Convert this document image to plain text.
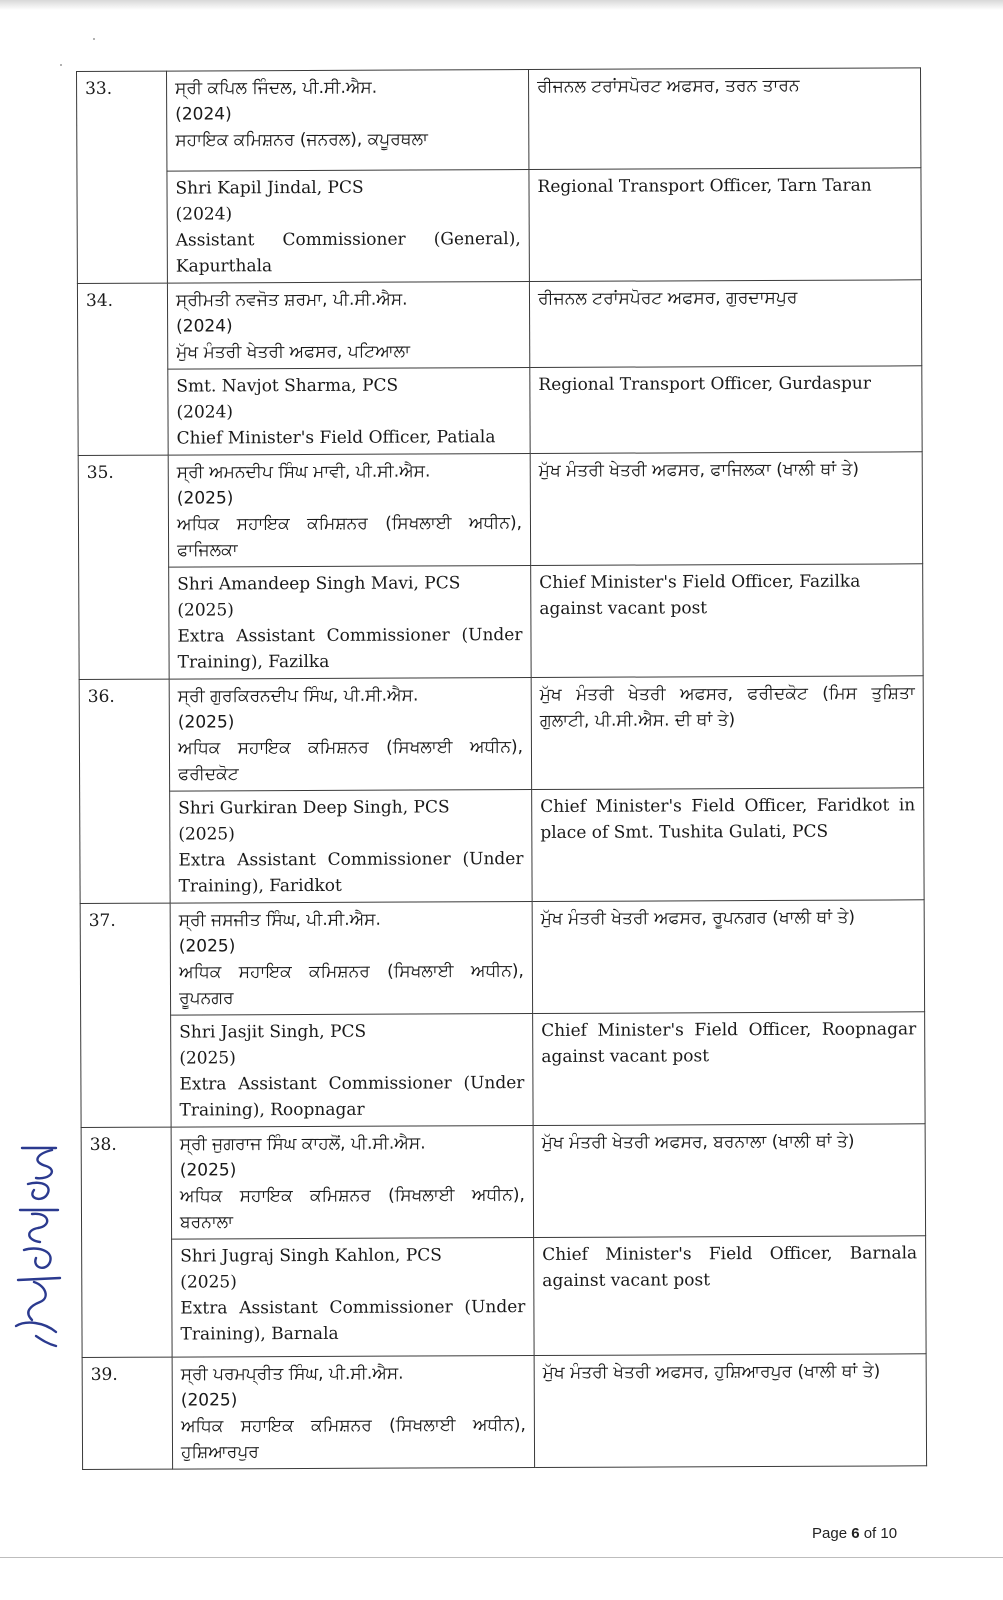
33.	ਸ੍ਰੀ ਕਪਿਲ ਜਿੰਦਲ, ਪੀ.ਸੀ.ਐਸ.
(2024)
ਸਹਾਇਕ ਕਮਿਸ਼ਨਰ (ਜਨਰਲ), ਕਪੂਰਥਲਾ	ਰੀਜਨਲ ਟਰਾਂਸਪੋਰਟ ਅਫਸਰ, ਤਰਨ ਤਾਰਨ

	Shri Kapil Jindal, PCS
(2024)
Assistant Commissioner (General), Kapurthala	Regional Transport Officer, Tarn Taran
34.	ਸ੍ਰੀਮਤੀ ਨਵਜੋਤ ਸ਼ਰਮਾ, ਪੀ.ਸੀ.ਐਸ.
(2024)
ਮੁੱਖ ਮੰਤਰੀ ਖੇਤਰੀ ਅਫਸਰ, ਪਟਿਆਲਾ	ਰੀਜਨਲ ਟਰਾਂਸਪੋਰਟ ਅਫਸਰ, ਗੁਰਦਾਸਪੁਰ

	Smt. Navjot Sharma, PCS
(2024)
Chief Minister's Field Officer, Patiala	Regional Transport Officer, Gurdaspur
35.	ਸ੍ਰੀ ਅਮਨਦੀਪ ਸਿੰਘ ਮਾਵੀ, ਪੀ.ਸੀ.ਐਸ.
(2025)
ਅਧਿਕ ਸਹਾਇਕ ਕਮਿਸ਼ਨਰ (ਸਿਖਲਾਈ ਅਧੀਨ), ਫਾਜਿਲਕਾ	ਮੁੱਖ ਮੰਤਰੀ ਖੇਤਰੀ ਅਫਸਰ, ਫਾਜਿਲਕਾ (ਖਾਲੀ ਥਾਂ ਤੇ)

	Shri Amandeep Singh Mavi, PCS
(2025)
Extra Assistant Commissioner (Under Training), Fazilka	Chief Minister's Field Officer, Fazilka against vacant post
36.	ਸ੍ਰੀ ਗੁਰਕਿਰਨਦੀਪ ਸਿੰਘ, ਪੀ.ਸੀ.ਐਸ.
(2025)
ਅਧਿਕ ਸਹਾਇਕ ਕਮਿਸ਼ਨਰ (ਸਿਖਲਾਈ ਅਧੀਨ), ਫਰੀਦਕੋਟ	ਮੁੱਖ ਮੰਤਰੀ ਖੇਤਰੀ ਅਫਸਰ, ਫਰੀਦਕੋਟ (ਮਿਸ ਤੁਸ਼ਿਤਾ ਗੁਲਾਟੀ, ਪੀ.ਸੀ.ਐਸ. ਦੀ ਥਾਂ ਤੇ)

	Shri Gurkiran Deep Singh, PCS
(2025)
Extra Assistant Commissioner (Under Training), Faridkot	Chief Minister's Field Officer, Faridkot in place of Smt. Tushita Gulati, PCS
37.	ਸ੍ਰੀ ਜਸਜੀਤ ਸਿੰਘ, ਪੀ.ਸੀ.ਐਸ.
(2025)
ਅਧਿਕ ਸਹਾਇਕ ਕਮਿਸ਼ਨਰ (ਸਿਖਲਾਈ ਅਧੀਨ), ਰੂਪਨਗਰ	ਮੁੱਖ ਮੰਤਰੀ ਖੇਤਰੀ ਅਫਸਰ, ਰੂਪਨਗਰ (ਖਾਲੀ ਥਾਂ ਤੇ)

	Shri Jasjit Singh, PCS
(2025)
Extra Assistant Commissioner (Under Training), Roopnagar	Chief Minister's Field Officer, Roopnagar against vacant post
38.	ਸ੍ਰੀ ਜੁਗਰਾਜ ਸਿੰਘ ਕਾਹਲੋਂ, ਪੀ.ਸੀ.ਐਸ.
(2025)
ਅਧਿਕ ਸਹਾਇਕ ਕਮਿਸ਼ਨਰ (ਸਿਖਲਾਈ ਅਧੀਨ), ਬਰਨਾਲਾ	ਮੁੱਖ ਮੰਤਰੀ ਖੇਤਰੀ ਅਫਸਰ, ਬਰਨਾਲਾ (ਖਾਲੀ ਥਾਂ ਤੇ)

	Shri Jugraj Singh Kahlon, PCS
(2025)
Extra Assistant Commissioner (Under Training), Barnala	Chief Minister's Field Officer, Barnala against vacant post
39.	ਸ੍ਰੀ ਪਰਮਪ੍ਰੀਤ ਸਿੰਘ, ਪੀ.ਸੀ.ਐਸ.
(2025)
ਅਧਿਕ ਸਹਾਇਕ ਕਮਿਸ਼ਨਰ (ਸਿਖਲਾਈ ਅਧੀਨ), ਹੁਸ਼ਿਆਰਪੁਰ	ਮੁੱਖ ਮੰਤਰੀ ਖੇਤਰੀ ਅਫਸਰ, ਹੁਸ਼ਿਆਰਪੁਰ (ਖਾਲੀ ਥਾਂ ਤੇ)
Page 6 of 10
